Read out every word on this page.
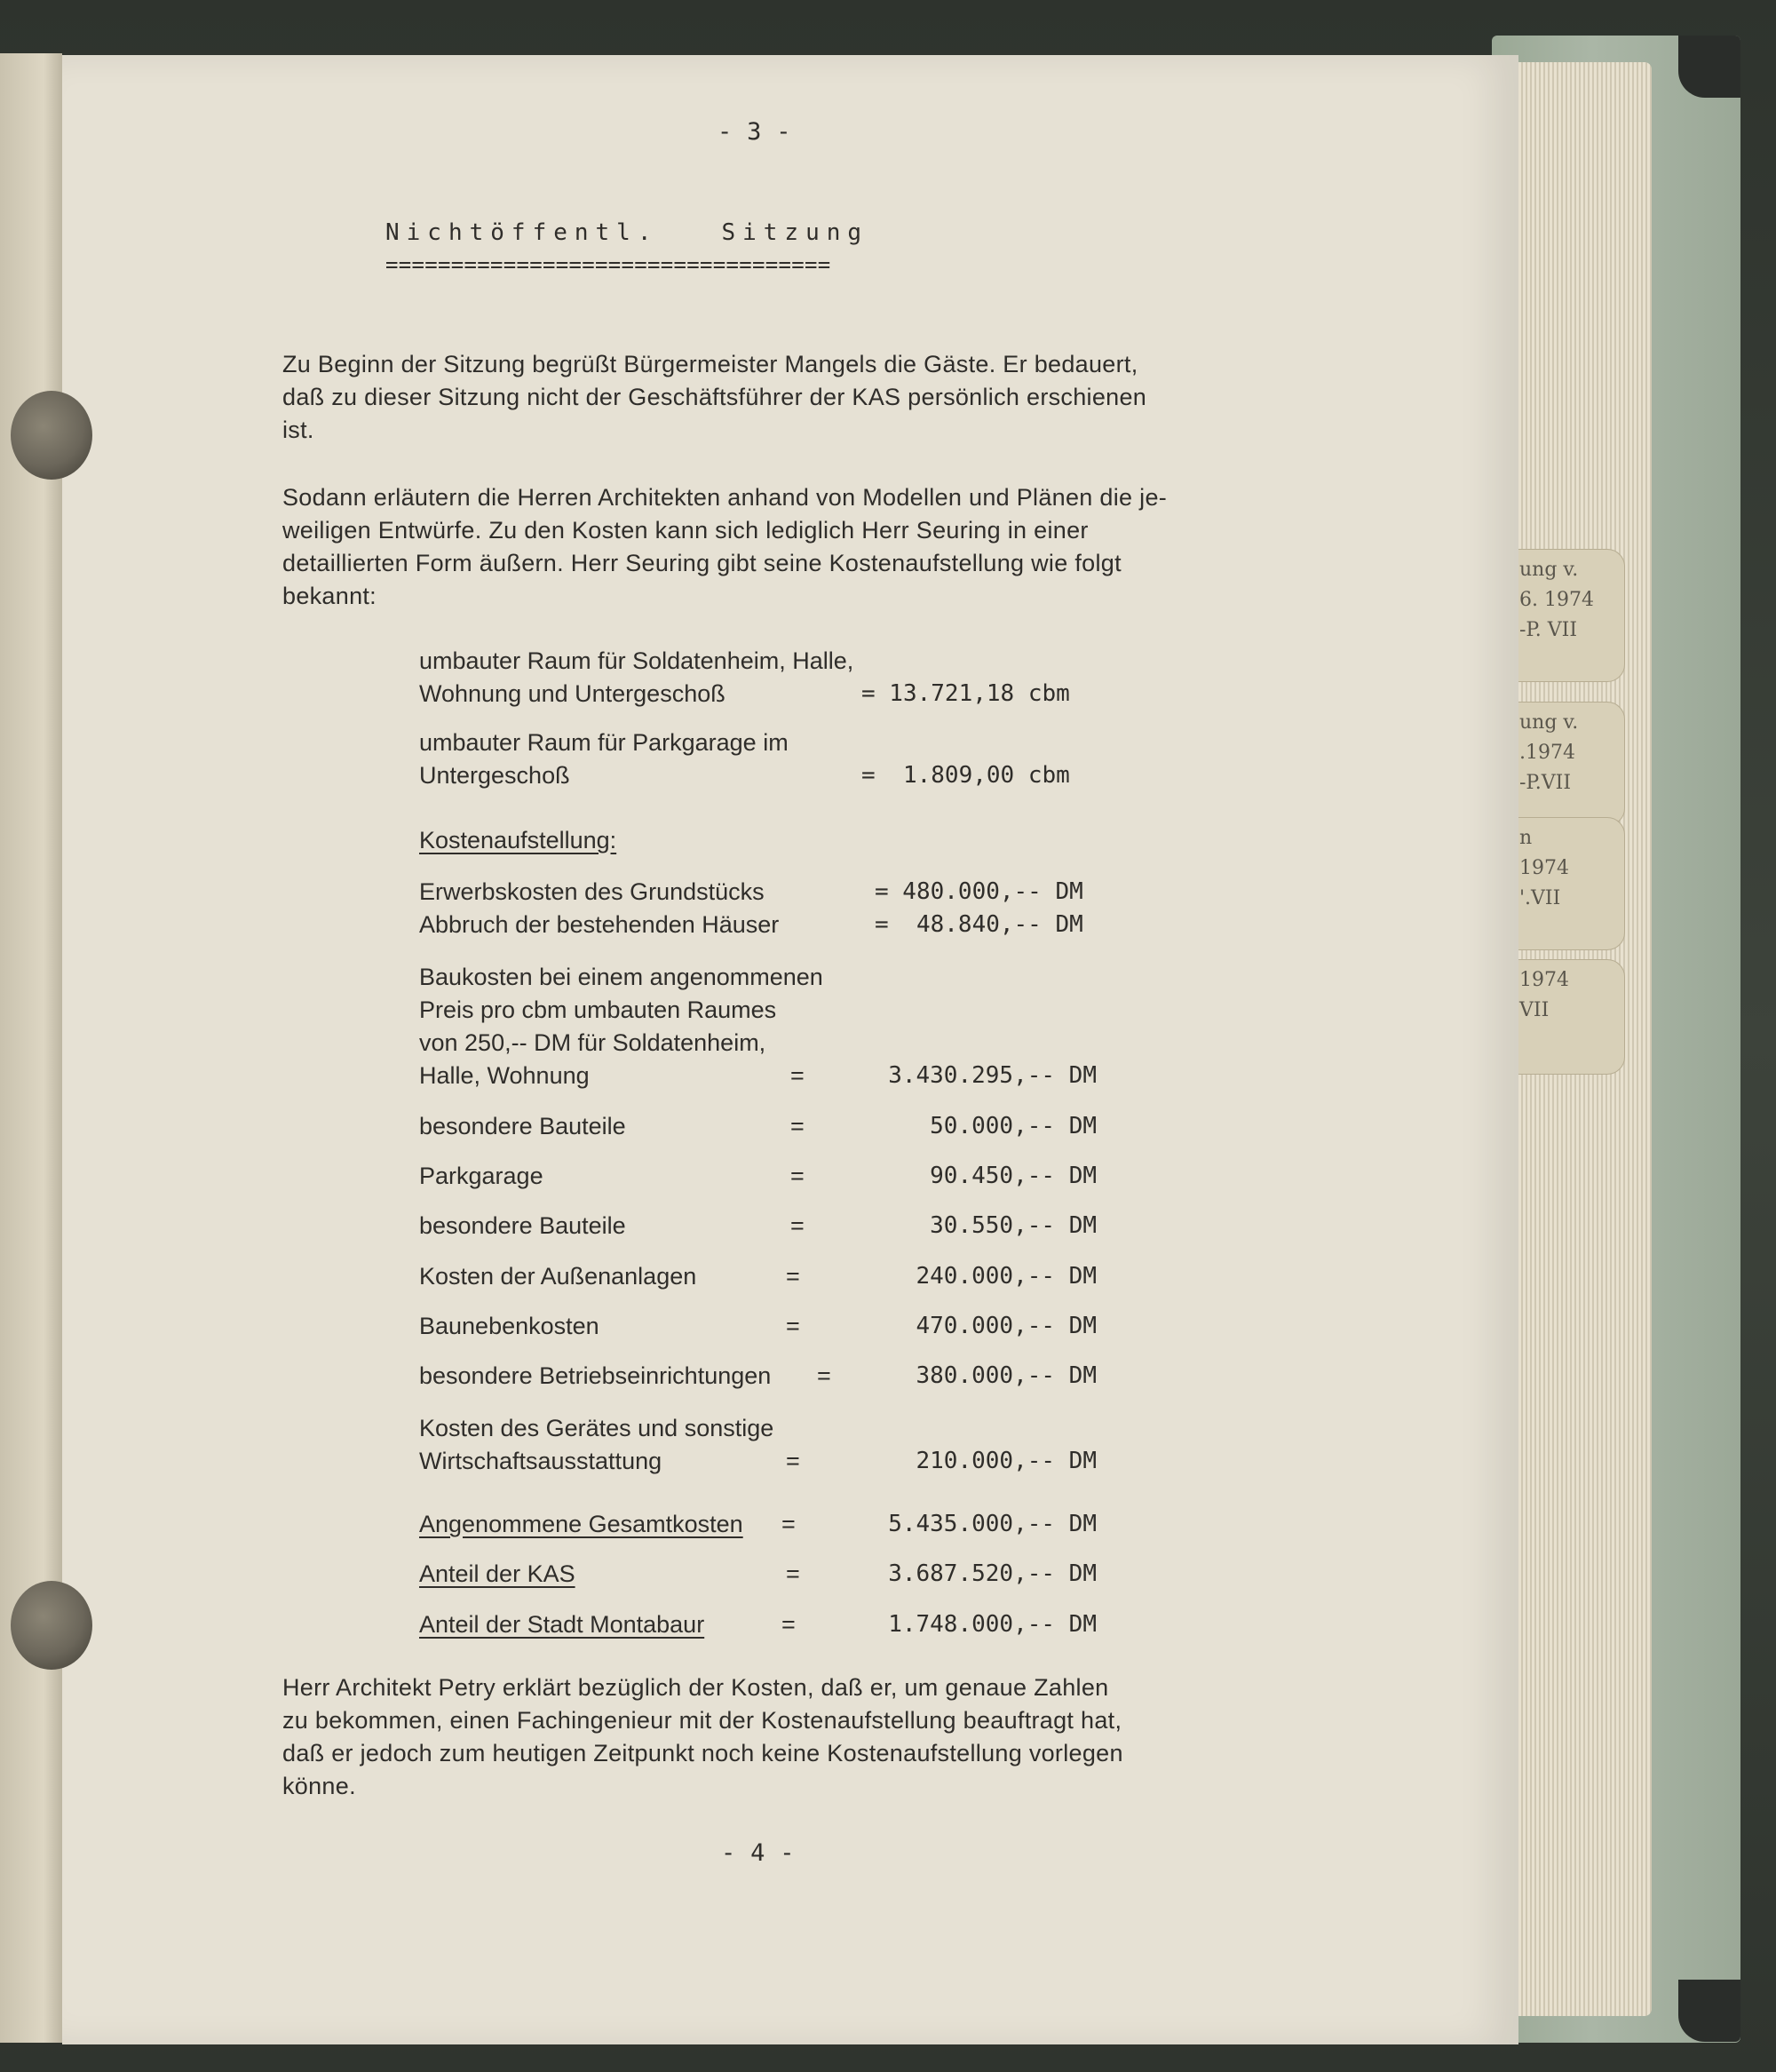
ung v.
6. 1974
-P. VII
ung v.
.1974
-P.VII
n
1974
'.VII
1974
VII
- 3 -
Nichtöffentl.   Sitzung
==================================
Zu Beginn der Sitzung begrüßt Bürgermeister Mangels die Gäste. Er bedauert,
daß zu dieser Sitzung nicht der Geschäftsführer der KAS persönlich erschienen
ist.
Sodann erläutern die Herren Architekten anhand von Modellen und Plänen die je-
weiligen Entwürfe. Zu den Kosten kann sich lediglich Herr Seuring in einer
detaillierten Form äußern. Herr Seuring gibt seine Kostenaufstellung wie folgt
bekannt:
umbauter Raum für Soldatenheim, Halle,
Wohnung und Untergeschoß	= 13.721,18 cbm
umbauter Raum für Parkgarage im
Untergeschoß	=  1.809,00 cbm
Kostenaufstellung:
Erwerbskosten des Grundstücks	= 480.000,-- DM
Abbruch der bestehenden Häuser	=  48.840,-- DM
Baukosten bei einem angenommenen
Preis pro cbm umbauten Raumes
von 250,-- DM für Soldatenheim,
Halle, Wohnung	=	3.430.295,-- DM
besondere Bauteile	=	50.000,-- DM
Parkgarage	=	90.450,-- DM
besondere Bauteile	=	30.550,-- DM
Kosten der Außenanlagen	=	240.000,-- DM
Baunebenkosten	=	470.000,-- DM
besondere Betriebseinrichtungen =	380.000,-- DM
Kosten des Gerätes und sonstige
Wirtschaftsausstattung	=	210.000,-- DM
Angenommene Gesamtkosten =	5.435.000,-- DM
Anteil der KAS	=	3.687.520,-- DM
Anteil der Stadt Montabaur	=	1.748.000,-- DM
Herr Architekt Petry erklärt bezüglich der Kosten, daß er, um genaue Zahlen
zu bekommen, einen Fachingenieur mit der Kostenaufstellung beauftragt hat,
daß er jedoch zum heutigen Zeitpunkt noch keine Kostenaufstellung vorlegen
könne.
- 4 -
